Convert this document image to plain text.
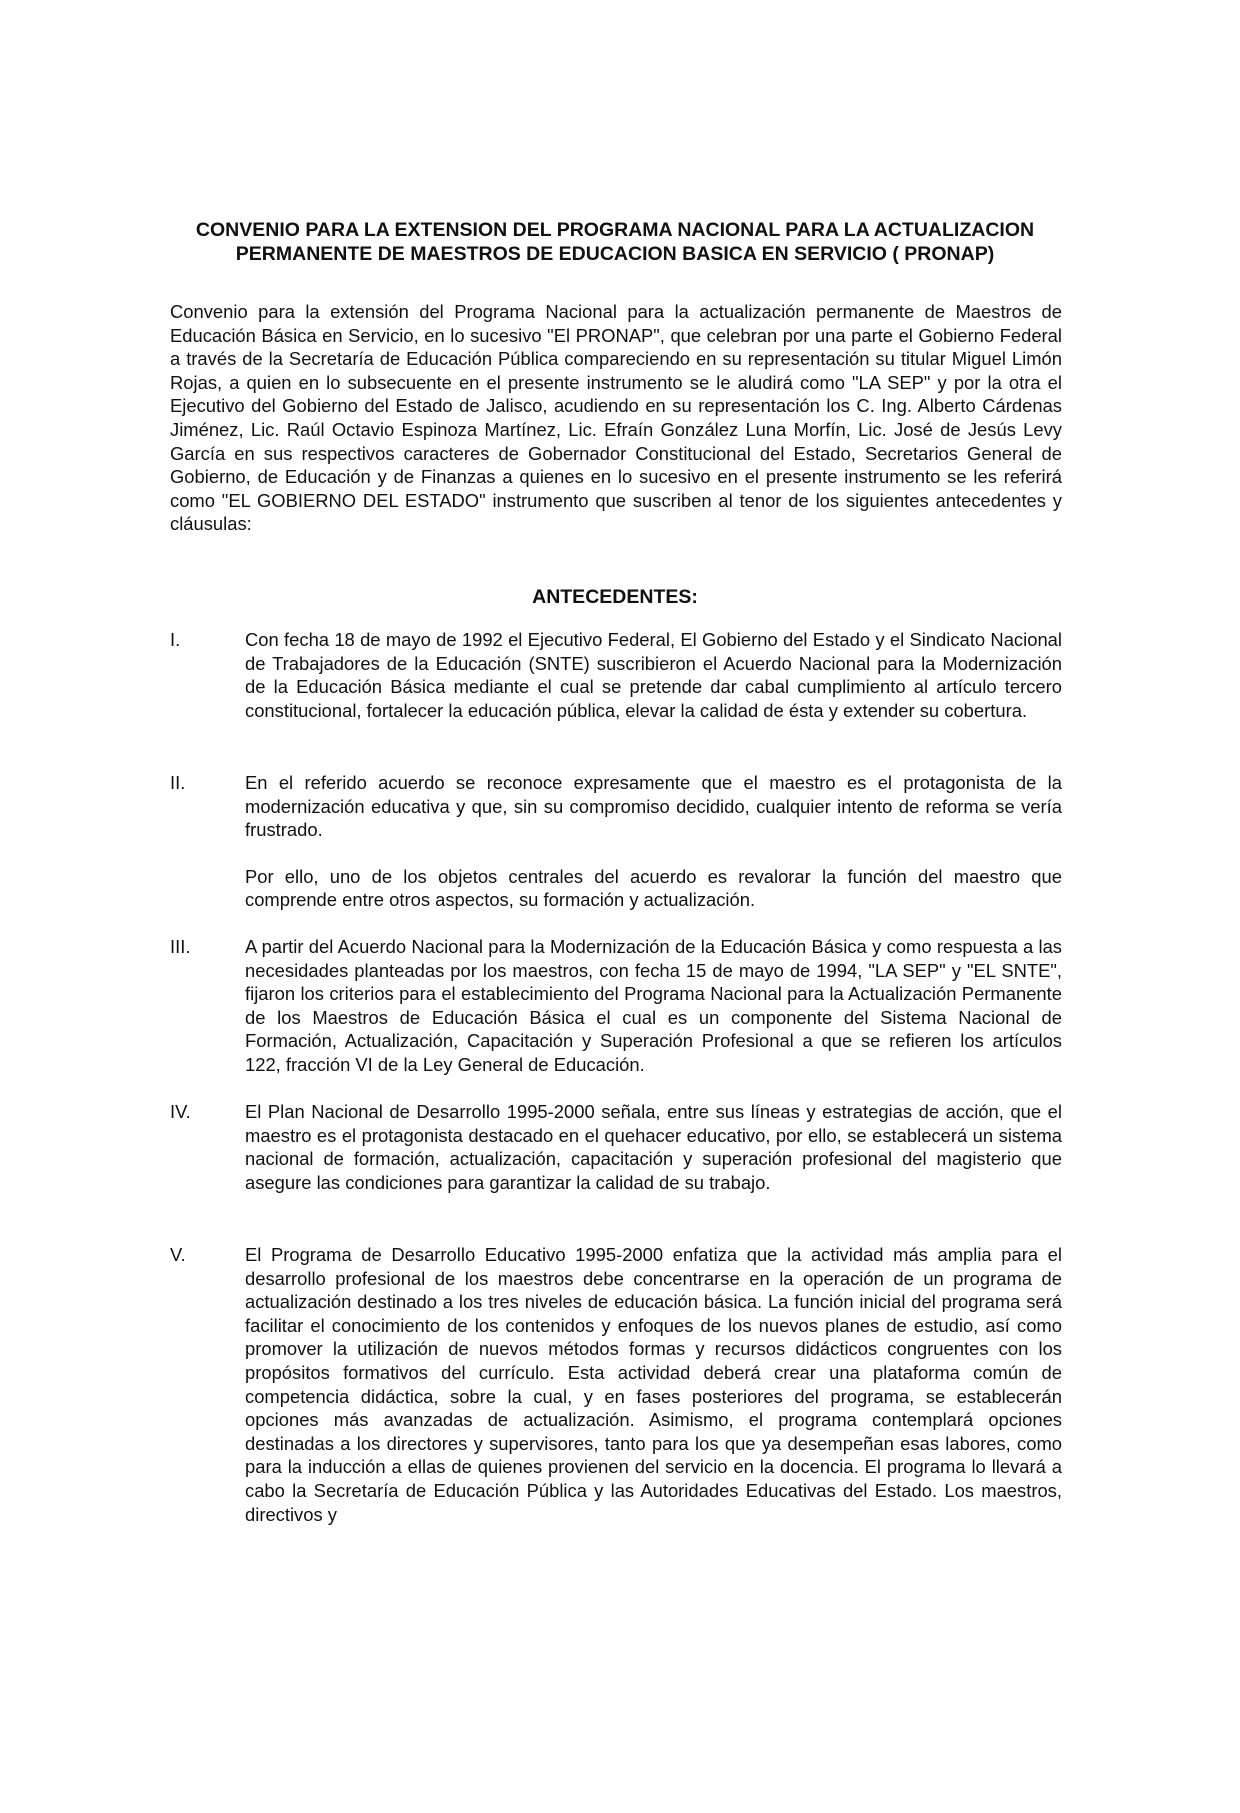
CONVENIO PARA LA EXTENSION DEL PROGRAMA NACIONAL PARA LA ACTUALIZACION
PERMANENTE DE MAESTROS DE EDUCACION BASICA EN SERVICIO ( PRONAP)

Convenio para la extensión del Programa Nacional para la actualización permanente de Maestros de Educación Básica en Servicio, en lo sucesivo "El PRONAP", que celebran por una parte el Gobierno Federal a través de la Secretaría de Educación Pública compareciendo en su representación su titular Miguel Limón Rojas, a quien en lo subsecuente en el presente instrumento se le aludirá como "LA SEP" y por la otra el Ejecutivo del Gobierno del Estado de Jalisco, acudiendo en su representación los C. Ing. Alberto Cárdenas Jiménez, Lic. Raúl Octavio Espinoza Martínez, Lic. Efraín González Luna Morfín, Lic. José de Jesús Levy García en sus respectivos caracteres de Gobernador Constitucional del Estado, Secretarios General de Gobierno, de Educación y de Finanzas a quienes en lo sucesivo en el presente instrumento se les referirá como "EL GOBIERNO DEL ESTADO" instrumento que suscriben al tenor de los siguientes antecedentes y cláusulas:

ANTECEDENTES:
I.	Con fecha 18 de mayo de 1992 el Ejecutivo Federal, El Gobierno del Estado y el Sindicato Nacional de Trabajadores de la Educación (SNTE) suscribieron el Acuerdo Nacional para la Modernización de la Educación Básica mediante el cual se pretende dar cabal cumplimiento al artículo tercero constitucional, fortalecer la educación pública, elevar la calidad de ésta y extender su cobertura.

II.	En el referido acuerdo se reconoce expresamente que el maestro es el protagonista de la modernización educativa y que, sin su compromiso decidido, cualquier intento de reforma se vería frustrado.

Por ello, uno de los objetos centrales del acuerdo es revalorar la función del maestro que comprende entre otros aspectos, su formación y actualización.

III.	A partir del Acuerdo Nacional para la Modernización de la Educación Básica y como respuesta a las necesidades planteadas por los maestros, con fecha 15 de mayo de 1994, "LA SEP" y "EL SNTE", fijaron los criterios para el establecimiento del Programa Nacional para la Actualización Permanente de los Maestros de Educación Básica el cual es un componente del Sistema Nacional de Formación, Actualización, Capacitación y Superación Profesional a que se refieren los artículos 122, fracción VI de la Ley General de Educación.

IV.	El Plan Nacional de Desarrollo 1995-2000 señala, entre sus líneas y estrategias de acción, que el maestro es el protagonista destacado en el quehacer educativo, por ello, se establecerá un sistema nacional de formación, actualización, capacitación y superación profesional del magisterio que asegure las condiciones para garantizar la calidad de su trabajo.

V.	El Programa de Desarrollo Educativo 1995-2000 enfatiza que la actividad más amplia para el desarrollo profesional de los maestros debe concentrarse en la operación de un programa de actualización destinado a los tres niveles de educación básica. La función inicial del programa será facilitar el conocimiento de los contenidos y enfoques de los nuevos planes de estudio, así como promover la utilización de nuevos métodos formas y recursos didácticos congruentes con los propósitos formativos del currículo. Esta actividad deberá crear una plataforma común de competencia didáctica, sobre la cual, y en fases posteriores del programa, se establecerán opciones más avanzadas de actualización. Asimismo, el programa contemplará opciones destinadas a los directores y supervisores, tanto para los que ya desempeñan esas labores, como para la inducción a ellas de quienes provienen del servicio en la docencia. El programa lo llevará a cabo la Secretaría de Educación Pública y las Autoridades Educativas del Estado. Los maestros, directivos y
